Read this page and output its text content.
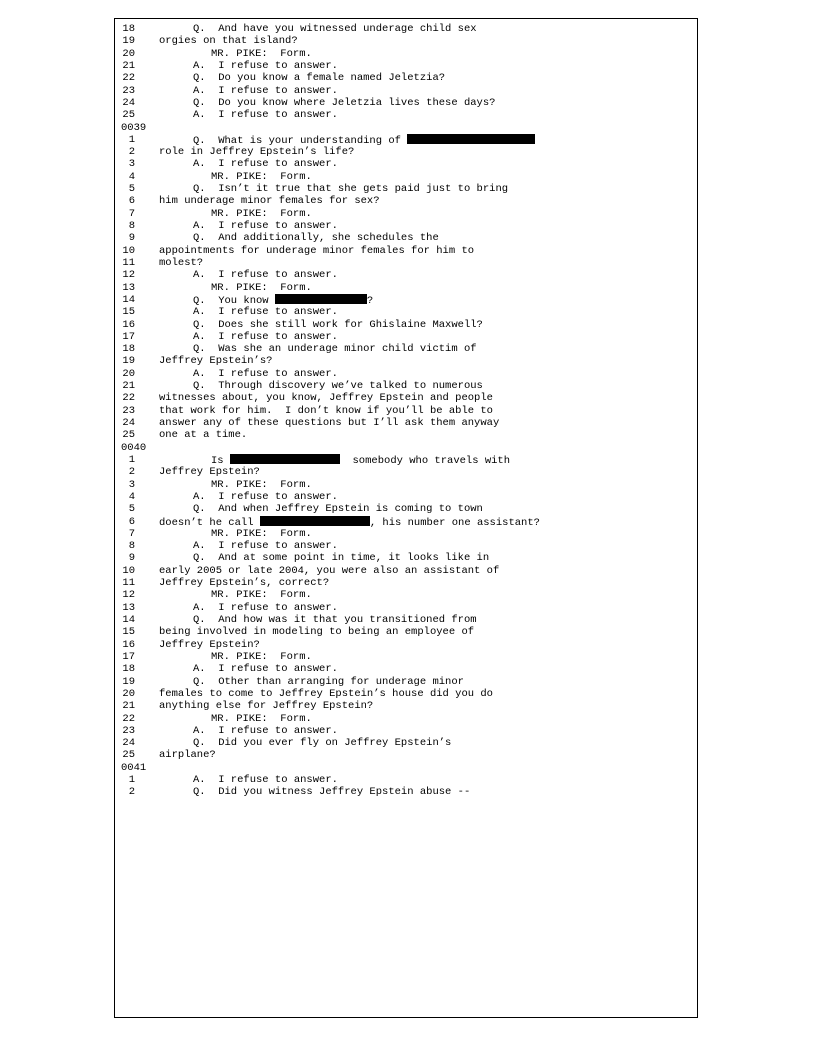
18	Q.  And have you witnessed underage child sex
19 orgies on that island?
20	MR. PIKE:  Form.
21	A.  I refuse to answer.
22	Q.  Do you know a female named Jeletzia?
23	A.  I refuse to answer.
24	Q.  Do you know where Jeletzia lives these days?
25	A.  I refuse to answer.
0039
1	Q.  What is your understanding of
2 role in Jeffrey Epstein’s life?
3	A.  I refuse to answer.
4	MR. PIKE:  Form.
5	Q.  Isn’t it true that she gets paid just to bring
6 him underage minor females for sex?
7	MR. PIKE:  Form.
8	A.  I refuse to answer.
9	Q.  And additionally, she schedules the
10 appointments for underage minor females for him to
11 molest?
12	A.  I refuse to answer.
13	MR. PIKE:  Form.
14	Q.  You know	?
15	A.  I refuse to answer.
16	Q.  Does she still work for Ghislaine Maxwell?
17	A.  I refuse to answer.
18	Q.  Was she an underage minor child victim of
19 Jeffrey Epstein’s?
20	A.  I refuse to answer.
21	Q.  Through discovery we’ve talked to numerous
22 witnesses about, you know, Jeffrey Epstein and people
23 that work for him.  I don’t know if you’ll be able to
24 answer any of these questions but I’ll ask them anyway
25 one at a time.
0040
1	Is	somebody who travels with
2 Jeffrey Epstein?
3	MR. PIKE:  Form.
4	A.  I refuse to answer.
5	Q.  And when Jeffrey Epstein is coming to town
6 doesn’t he call	, his number one assistant?
7	MR. PIKE:  Form.
8	A.  I refuse to answer.
9	Q.  And at some point in time, it looks like in
10 early 2005 or late 2004, you were also an assistant of
11 Jeffrey Epstein’s, correct?
12	MR. PIKE:  Form.
13	A.  I refuse to answer.
14	Q.  And how was it that you transitioned from
15 being involved in modeling to being an employee of
16 Jeffrey Epstein?
17	MR. PIKE:  Form.
18	A.  I refuse to answer.
19	Q.  Other than arranging for underage minor
20 females to come to Jeffrey Epstein’s house did you do
21 anything else for Jeffrey Epstein?
22	MR. PIKE:  Form.
23	A.  I refuse to answer.
24	Q.  Did you ever fly on Jeffrey Epstein’s
25 airplane?
0041
1	A.  I refuse to answer.
2	Q.  Did you witness Jeffrey Epstein abuse --
